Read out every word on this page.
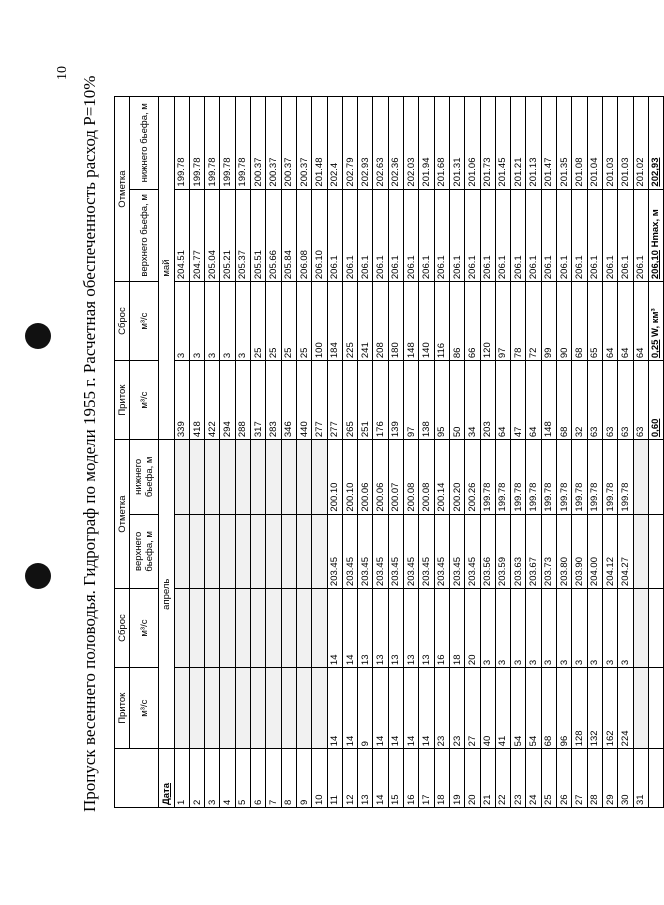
10
Пропуск весеннего половодья. Гидрограф по модели 1955 г. Расчетная обеспеченность расход P=10%
		Приток	Сброс	Отметка		Приток	Сброс	Отметка	
	м³/с	м³/с	верхнего бьефа, м	нижнего бьефа, м	м³/с	м³/с	верхнего бьефа, м	нижнего бьефа, м
Дата	апрель				май			
1					339	3	204.51	199.78
2					418	3	204.77	199.78
3					422	3	205.04	199.78
4					294	3	205.21	199.78
5					288	3	205.37	199.78
6					317	25	205.51	200.37
7					283	25	205.66	200.37
8					346	25	205.84	200.37
9					440	25	206.08	200.37
10					277	100	206.10	201.48
11	14	14	203.45	200.10	277	184	206.1	202.4
12	14	14	203.45	200.10	265	225	206.1	202.79
13	9	13	203.45	200.06	251	241	206.1	202.93
14	14	13	203.45	200.06	176	208	206.1	202.63
15	14	13	203.45	200.07	139	180	206.1	202.36
16	14	13	203.45	200.08	97	148	206.1	202.03
17	14	13	203.45	200.08	138	140	206.1	201.94
18	23	16	203.45	200.14	95	116	206.1	201.68
19	23	18	203.45	200.20	50	86	206.1	201.31
20	27	20	203.45	200.26	34	66	206.1	201.06
21	40	3	203.56	199.78	203	120	206.1	201.73
22	41	3	203.59	199.78	64	97	206.1	201.45
23	54	3	203.63	199.78	47	78	206.1	201.21
24	54	3	203.67	199.78	64	72	206.1	201.13
25	68	3	203.73	199.78	148	99	206.1	201.47
26	96	3	203.80	199.78	68	90	206.1	201.35
27	128	3	203.90	199.78	32	68	206.1	201.08
28	132	3	204.00	199.78	63	65	206.1	201.04
29	162	3	204.12	199.78	63	64	206.1	201.03
30	224	3	204.27	199.78	63	64	206.1	201.03
31					63	64	206.1	201.02
					0,60	0,25 W, км³	206,10 Hmax, м	202,93
